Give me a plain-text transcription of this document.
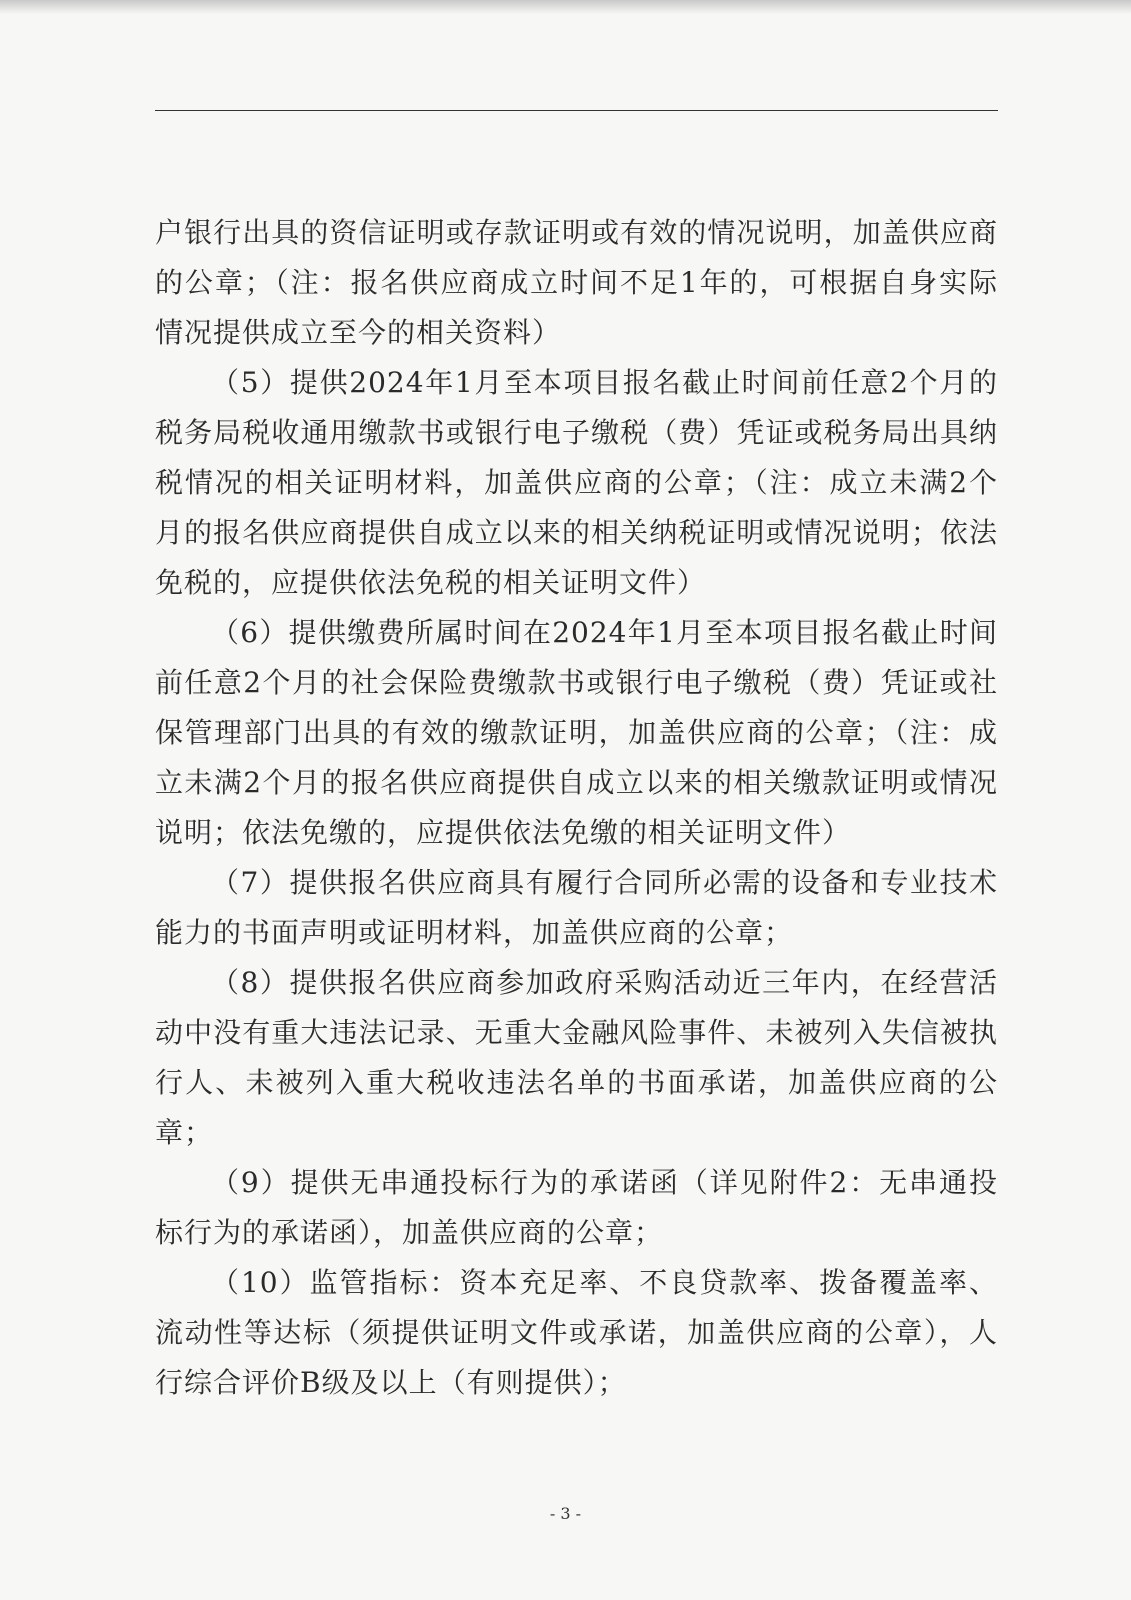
户银行出具的资信证明或存款证明或有效的情况说明，加盖供应商的公章；（注：报名供应商成立时间不足1年的，可根据自身实际情况提供成立至今的相关资料）

（5）提供2024年1月至本项目报名截止时间前任意2个月的税务局税收通用缴款书或银行电子缴税（费）凭证或税务局出具纳税情况的相关证明材料，加盖供应商的公章；（注：成立未满2个月的报名供应商提供自成立以来的相关纳税证明或情况说明；依法免税的，应提供依法免税的相关证明文件）

（6）提供缴费所属时间在2024年1月至本项目报名截止时间前任意2个月的社会保险费缴款书或银行电子缴税（费）凭证或社保管理部门出具的有效的缴款证明，加盖供应商的公章；（注：成立未满2个月的报名供应商提供自成立以来的相关缴款证明或情况说明；依法免缴的，应提供依法免缴的相关证明文件）

（7）提供报名供应商具有履行合同所必需的设备和专业技术能力的书面声明或证明材料，加盖供应商的公章；

（8）提供报名供应商参加政府采购活动近三年内，在经营活动中没有重大违法记录、无重大金融风险事件、未被列入失信被执行人、未被列入重大税收违法名单的书面承诺，加盖供应商的公章；

（9）提供无串通投标行为的承诺函（详见附件2：无串通投标行为的承诺函），加盖供应商的公章；

（10）监管指标：资本充足率、不良贷款率、拨备覆盖率、流动性等达标（须提供证明文件或承诺，加盖供应商的公章），人行综合评价B级及以上（有则提供）；

- 3 -
